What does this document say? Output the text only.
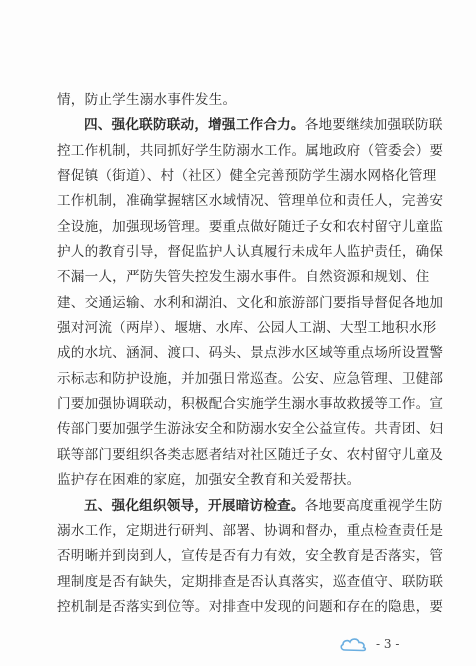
情，防止学生溺水事件发生。
四、强化联防联动，增强工作合力。各地要继续加强联防联
控工作机制，共同抓好学生防溺水工作。属地政府（管委会）要
督促镇（街道）、村（社区）健全完善预防学生溺水网格化管理
工作机制，准确掌握辖区水域情况、管理单位和责任人，完善安
全设施，加强现场管理。要重点做好随迁子女和农村留守儿童监
护人的教育引导，督促监护人认真履行未成年人监护责任，确保
不漏一人，严防失管失控发生溺水事件。自然资源和规划、住
建、交通运输、水利和湖泊、文化和旅游部门要指导督促各地加
强对河流（两岸）、堰塘、水库、公园人工湖、大型工地积水形
成的水坑、涵洞、渡口、码头、景点涉水区域等重点场所设置警
示标志和防护设施，并加强日常巡查。公安、应急管理、卫健部
门要加强协调联动，积极配合实施学生溺水事故救援等工作。宣
传部门要加强学生游泳安全和防溺水安全公益宣传。共青团、妇
联等部门要组织各类志愿者结对社区随迁子女、农村留守儿童及
监护存在困难的家庭，加强安全教育和关爱帮扶。
五、强化组织领导，开展暗访检查。各地要高度重视学生防
溺水工作，定期进行研判、部署、协调和督办，重点检查责任是
否明晰并到岗到人，宣传是否有力有效，安全教育是否落实，管
理制度是否有缺失，定期排查是否认真落实，巡查值守、联防联
控机制是否落实到位等。对排查中发现的问题和存在的隐患，要
- 3 -
